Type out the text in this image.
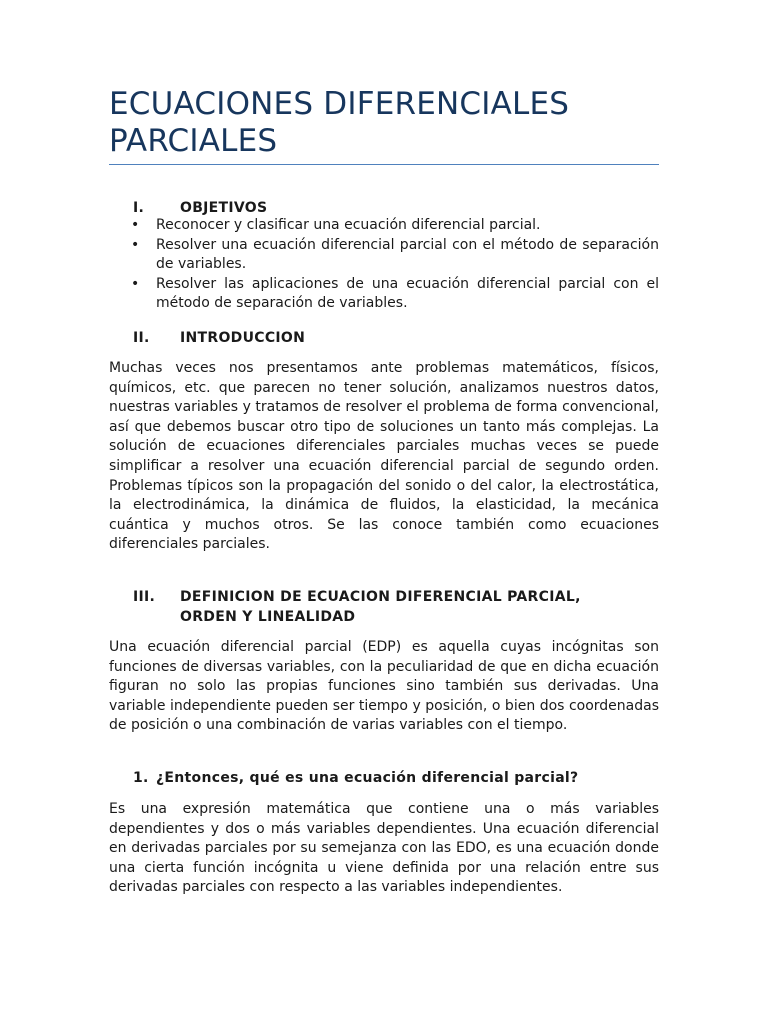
ECUACIONES DIFERENCIALES PARCIALES
I.	OBJETIVOS
• Reconocer y clasificar una ecuación diferencial parcial.
• Resolver una ecuación diferencial parcial con el método de separación de variables.
• Resolver las aplicaciones de una ecuación diferencial parcial con el método de separación de variables.
II. INTRODUCCION

Muchas veces nos presentamos ante problemas matemáticos, físicos, químicos, etc. que parecen no tener solución, analizamos nuestros datos, nuestras variables y tratamos de resolver el problema de forma convencional, así que debemos buscar otro tipo de soluciones un tanto más complejas. La solución de ecuaciones diferenciales parciales muchas veces se puede simplificar a resolver una ecuación diferencial parcial de segundo orden. Problemas típicos son la propagación del sonido o del calor, la electrostática, la electrodinámica, la dinámica de fluidos, la elasticidad, la mecánica cuántica y muchos otros. Se las conoce también como ecuaciones diferenciales parciales.

III. DEFINICION DE ECUACION DIFERENCIAL PARCIAL, ORDEN Y LINEALIDAD

Una ecuación diferencial parcial (EDP) es aquella cuyas incógnitas son funciones de diversas variables, con la peculiaridad de que en dicha ecuación figuran no solo las propias funciones sino también sus derivadas. Una variable independiente pueden ser tiempo y posición, o bien dos coordenadas de posición o una combinación de varias variables con el tiempo.

1. ¿Entonces, qué es una ecuación diferencial parcial?

Es una expresión matemática que contiene una o más variables dependientes y dos o más variables dependientes. Una ecuación diferencial en derivadas parciales por su semejanza con las EDO, es una ecuación donde una cierta función incógnita u viene definida por una relación entre sus derivadas parciales con respecto a las variables independientes.
